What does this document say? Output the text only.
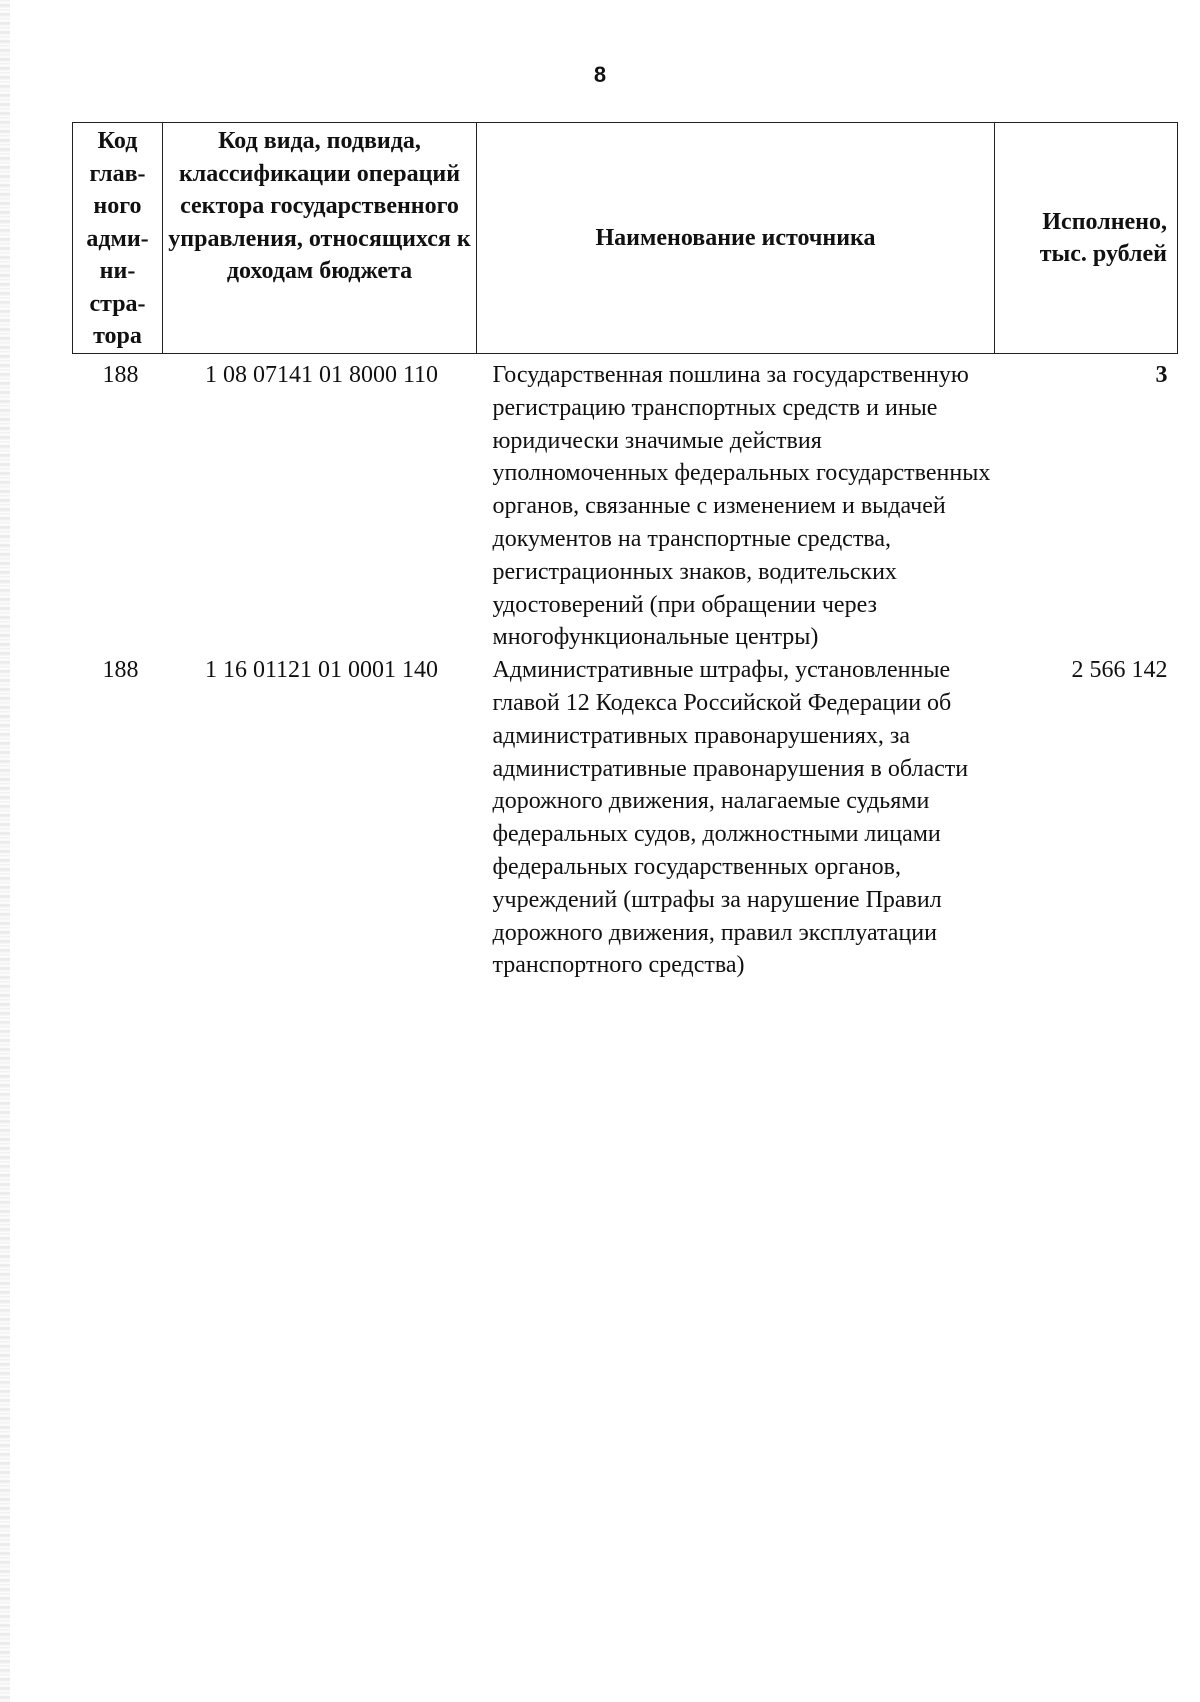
8
Код глав-ного адми-ни-стра-тора	Код вида, подвида, классификации операций сектора государственного управления, относящихся к доходам бюджета	Наименование источника	Исполнено, тыс. рублей
188	1 08 07141 01 8000 110	Государственная пошлина за государственную регистрацию транспортных средств и иные юридически значимые действия уполномоченных федеральных государственных органов, связанные с изменением и выдачей документов на транспортные средства, регистрационных знаков, водительских удостоверений (при обращении через многофункциональные центры)	3
188	1 16 01121 01 0001 140	Административные штрафы, установленные главой 12 Кодекса Российской Федерации об административных правонарушениях, за административные правонарушения в области дорожного движения, налагаемые судьями федеральных судов, должностными лицами федеральных государственных органов, учреждений (штрафы за нарушение Правил дорожного движения, правил эксплуатации транспортного средства)	2 566 142
